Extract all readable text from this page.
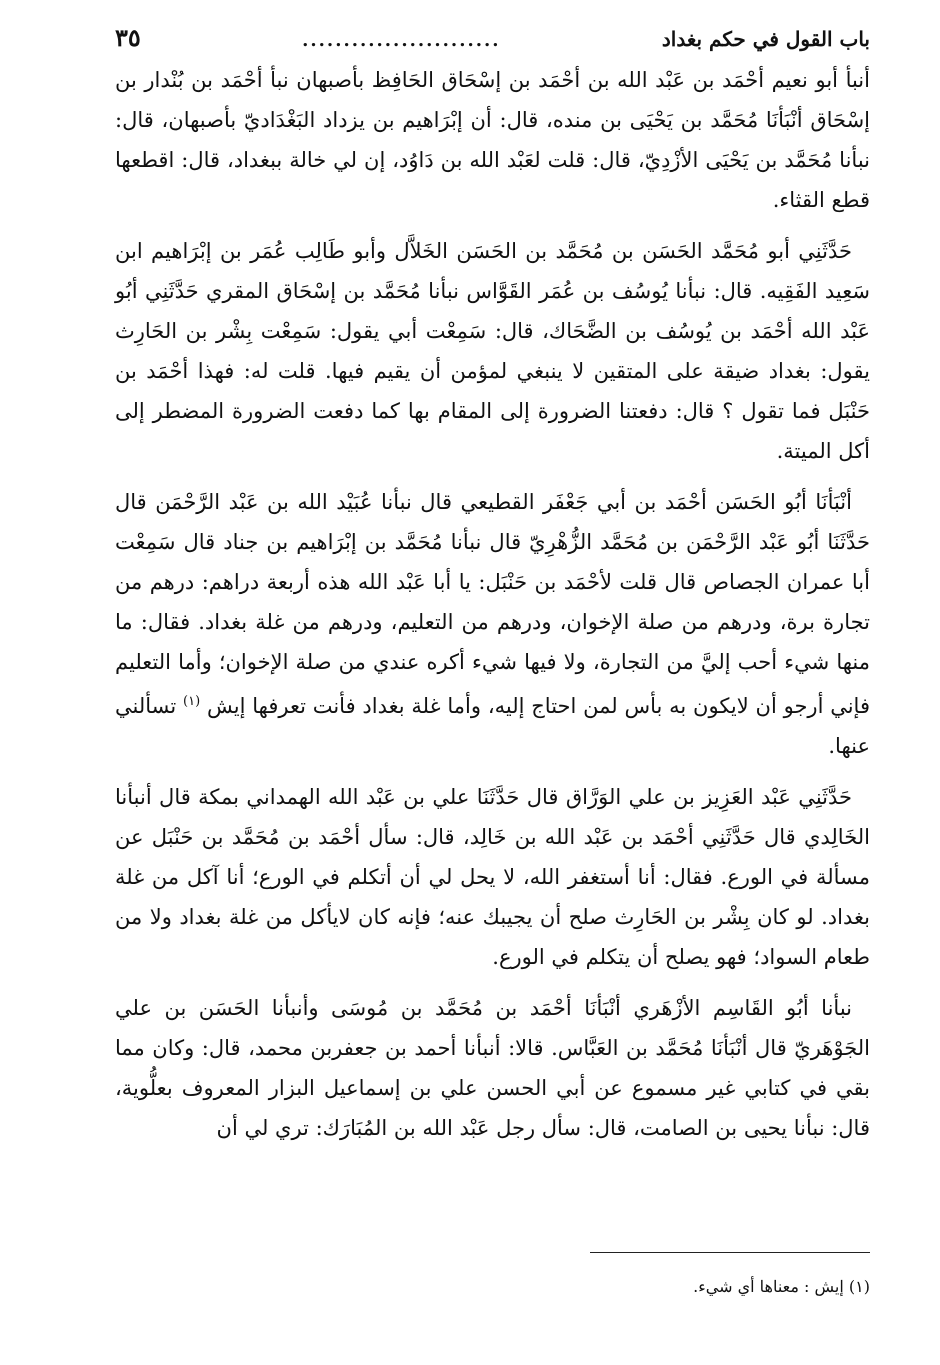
باب القول في حكم بغداد
........................
٣٥

أنبأ أبو نعيم أحْمَد بن عَبْد الله بن أحْمَد بن إسْحَاق الحَافِظ بأصبهان نبأ أحْمَد بن بُنْدار بن إسْحَاق أنْبَأنَا مُحَمَّد بن يَحْيَى بن منده، قال: أن إبْرَاهيم بن يزداد البَغْدَاديّ بأصبهان، قال: نبأنا مُحَمَّد بن يَحْيَى الأزْدِيّ، قال: قلت لعَبْد الله بن دَاوُد، إن لي خالة ببغداد، قال: اقطعها قطع القثاء.

حَدَّثَنِي أبو مُحَمَّد الحَسَن بن مُحَمَّد بن الحَسَن الخَلاَّل وأبو طَالِب عُمَر بن إبْرَاهيم ابن سَعِيد الفَقِيه. قال: نبأنا يُوسُف بن عُمَر القَوَّاس نبأنا مُحَمَّد بن إسْحَاق المقري حَدَّثَنِي أبُو عَبْد الله أحْمَد بن يُوسُف بن الضَّحَاك، قال: سَمِعْت أبي يقول: سَمِعْت بِشْر بن الحَارِث يقول: بغداد ضيقة على المتقين لا ينبغي لمؤمن أن يقيم فيها. قلت له: فهذا أحْمَد بن حَنْبَل فما تقول ؟ قال: دفعتنا الضرورة إلى المقام بها كما دفعت الضرورة المضطر إلى أكل الميتة.

أنْبَأنَا أبُو الحَسَن أحْمَد بن أبي جَعْفَر القطيعي قال نبأنا عُبَيْد الله بن عَبْد الرَّحْمَن قال حَدَّثَنَا أبُو عَبْد الرَّحْمَن بن مُحَمَّد الزُّهْرِيّ قال نبأنا مُحَمَّد بن إبْرَاهيم بن جناد قال سَمِعْت أبا عمران الجصاص قال قلت لأحْمَد بن حَنْبَل: يا أبا عَبْد الله هذه أربعة دراهم: درهم من تجارة برة، ودرهم من صلة الإخوان، ودرهم من التعليم، ودرهم من غلة بغداد. فقال: ما منها شيء أحب إليَّ من التجارة، ولا فيها شيء أكره عندي من صلة الإخوان؛ وأما التعليم فإني أرجو أن لايكون به بأس لمن احتاج إليه، وأما غلة بغداد فأنت تعرفها إيش $^{(١)}$ تسألني عنها.

حَدَّثَنِي عَبْد العَزِيز بن علي الوَرَّاق قال حَدَّثَنَا علي بن عَبْد الله الهمداني بمكة قال أنبأنا الخَالِدي قال حَدَّثَنِي أحْمَد بن عَبْد الله بن خَالِد، قال: سأل أحْمَد بن مُحَمَّد بن حَنْبَل عن مسألة في الورع. فقال: أنا أستغفر الله، لا يحل لي أن أتكلم في الورع؛ أنا آكل من غلة بغداد. لو كان بِشْر بن الحَارِث صلح أن يجيبك عنه؛ فإنه كان لايأكل من غلة بغداد ولا من طعام السواد؛ فهو يصلح أن يتكلم في الورع.

نبأنا أبُو القَاسِم الأزْهَري أنْبَأنَا أحْمَد بن مُحَمَّد بن مُوسَى وأنبأنا الحَسَن بن علي الجَوْهَريّ قال أنْبَأنَا مُحَمَّد بن العَبَّاس. قالا: أنبأنا أحمد بن جعفربن محمد، قال: وكان مما بقي في كتابي غير مسموع عن أبي الحسن علي بن إسماعيل البزار المعروف بعلُّوية، قال: نبأنا يحيى بن الصامت، قال: سأل رجل عَبْد الله بن المُبَارَك: تري لي أن

(١) إيش : معناها أي شيء.
